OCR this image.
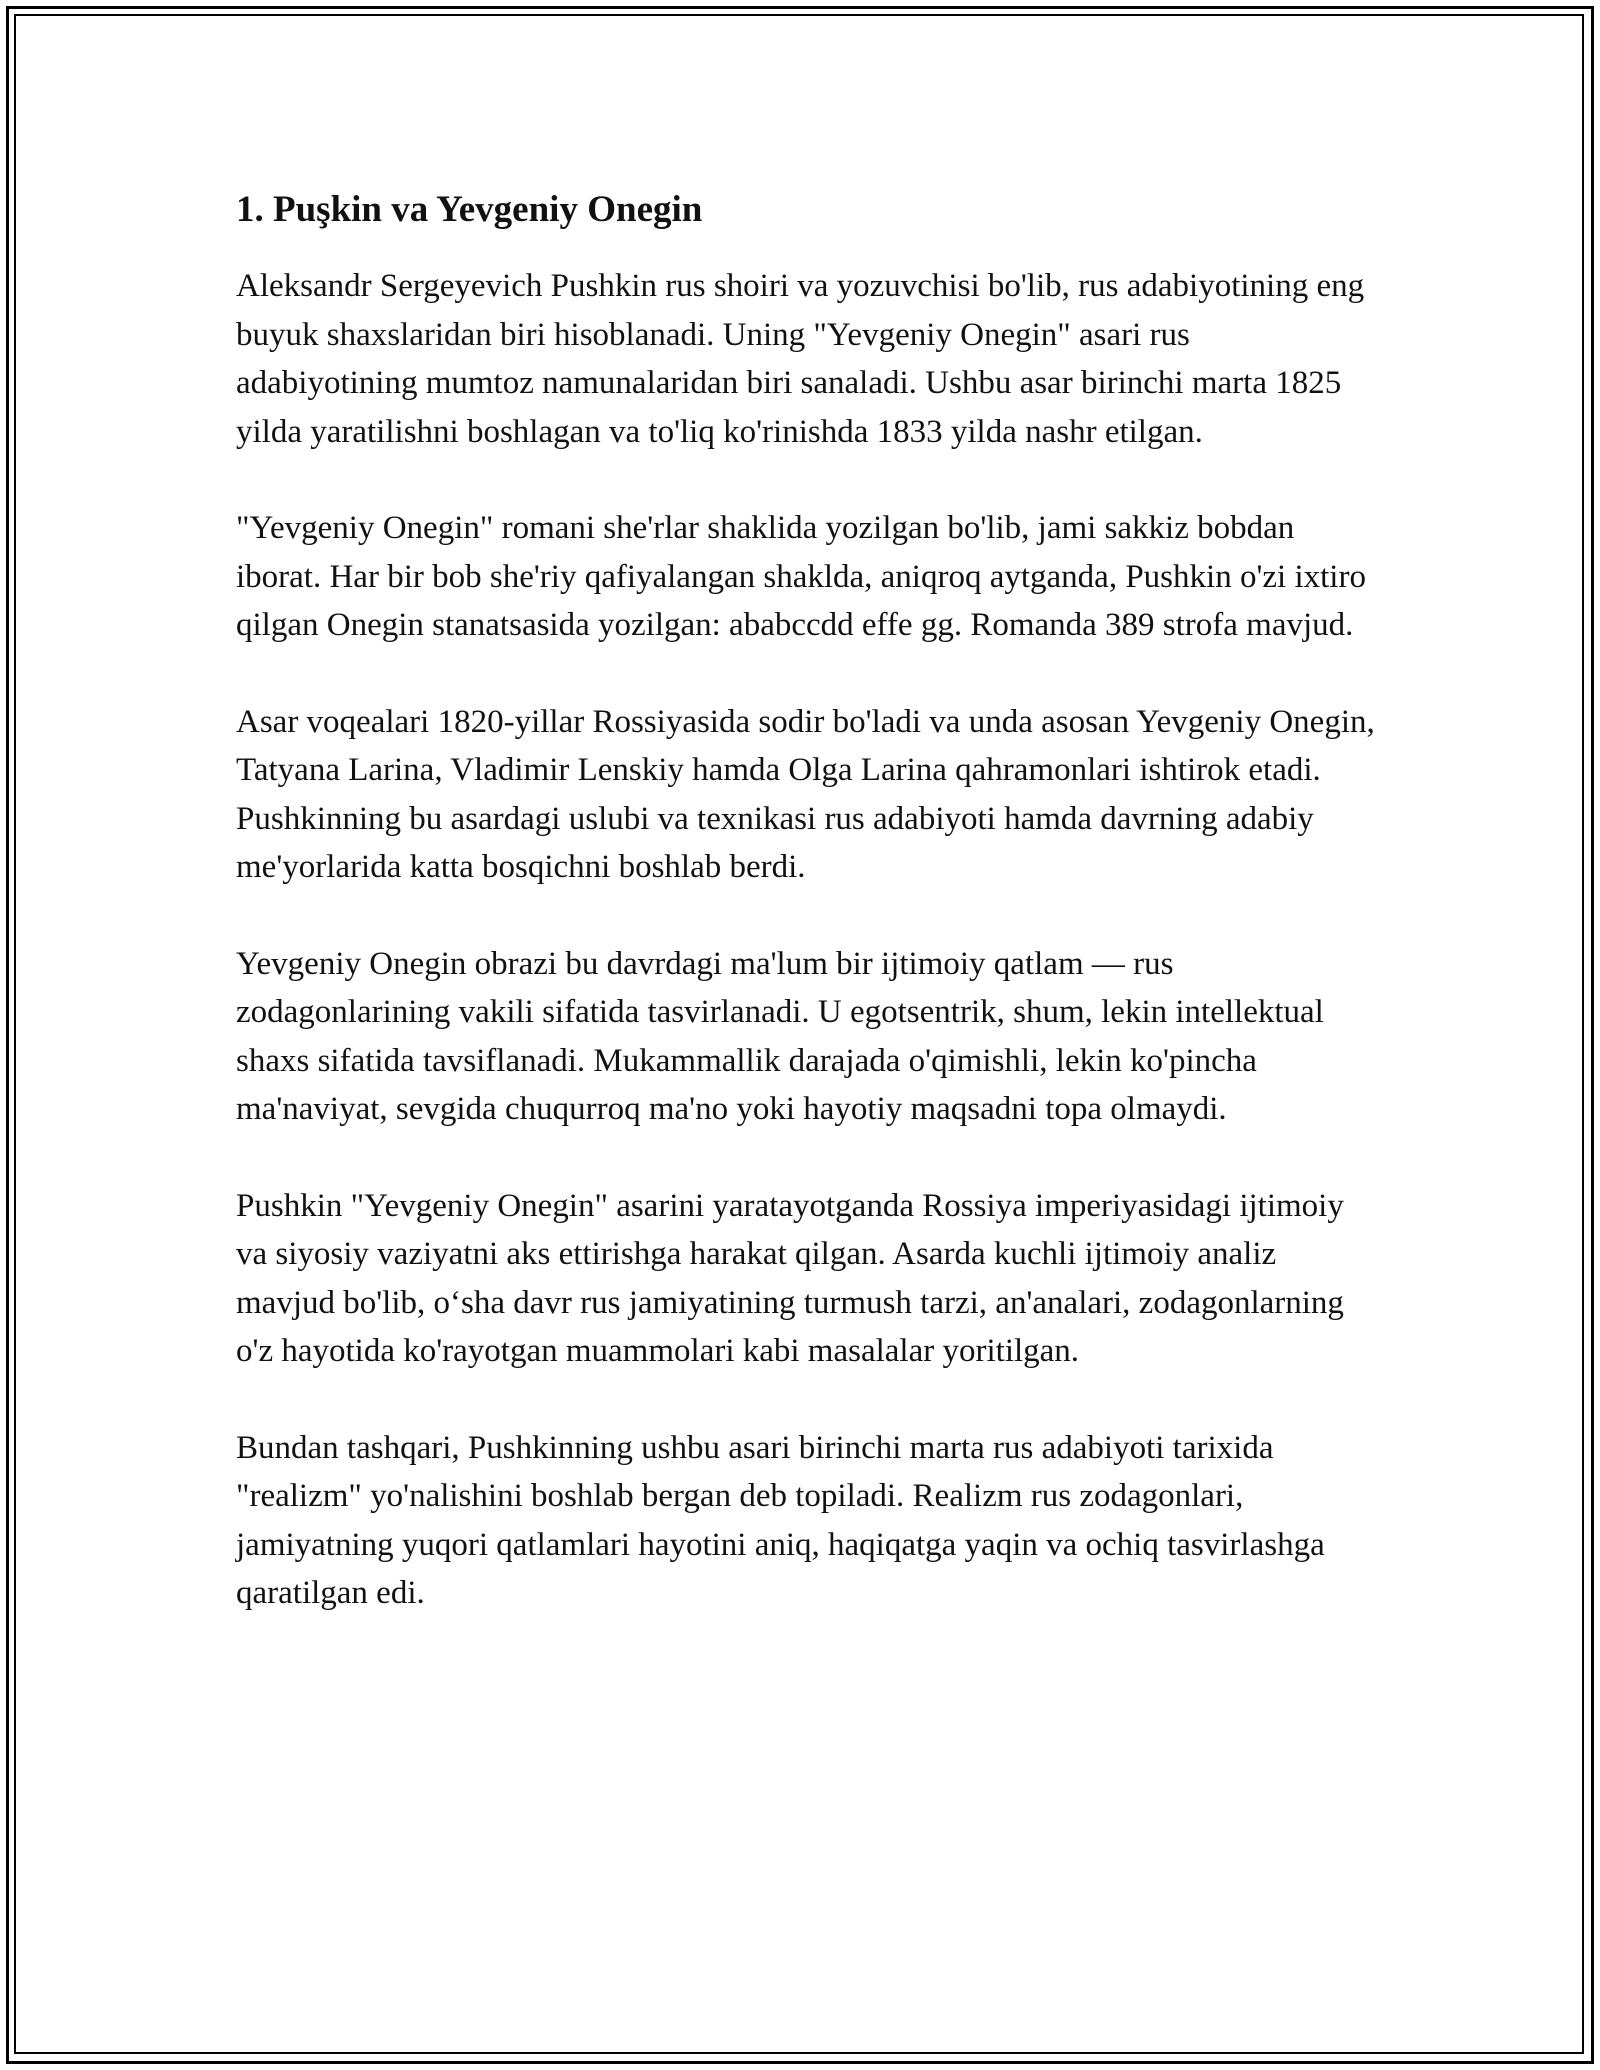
1. Puşkin va Yevgeniy Onegin

Aleksandr Sergeyevich Pushkin rus shoiri va yozuvchisi bo'lib, rus adabiyotining eng buyuk shaxslaridan biri hisoblanadi. Uning "Yevgeniy Onegin" asari rus adabiyotining mumtoz namunalaridan biri sanaladi. Ushbu asar birinchi marta 1825 yilda yaratilishni boshlagan va to'liq ko'rinishda 1833 yilda nashr etilgan.

"Yevgeniy Onegin" romani she'rlar shaklida yozilgan bo'lib, jami sakkiz bobdan iborat. Har bir bob she'riy qafiyalangan shaklda, aniqroq aytganda, Pushkin o'zi ixtiro qilgan Onegin stanatsasida yozilgan: ababccdd effe gg. Romanda 389 strofa mavjud.

Asar voqealari 1820-yillar Rossiyasida sodir bo'ladi va unda asosan Yevgeniy Onegin, Tatyana Larina, Vladimir Lenskiy hamda Olga Larina qahramonlari ishtirok etadi. Pushkinning bu asardagi uslubi va texnikasi rus adabiyoti hamda davrning adabiy me'yorlarida katta bosqichni boshlab berdi.

Yevgeniy Onegin obrazi bu davrdagi ma'lum bir ijtimoiy qatlam — rus zodagonlarining vakili sifatida tasvirlanadi. U egotsentrik, shum, lekin intellektual shaxs sifatida tavsiflanadi. Mukammallik darajada o'qimishli, lekin ko'pincha ma'naviyat, sevgida chuqurroq ma'no yoki hayotiy maqsadni topa olmaydi.

Pushkin "Yevgeniy Onegin" asarini yaratayotganda Rossiya imperiyasidagi ijtimoiy va siyosiy vaziyatni aks ettirishga harakat qilgan. Asarda kuchli ijtimoiy analiz mavjud bo'lib, o‘sha davr rus jamiyatining turmush tarzi, an'analari, zodagonlarning o'z hayotida ko'rayotgan muammolari kabi masalalar yoritilgan.

Bundan tashqari, Pushkinning ushbu asari birinchi marta rus adabiyoti tarixida "realizm" yo'nalishini boshlab bergan deb topiladi. Realizm rus zodagonlari, jamiyatning yuqori qatlamlari hayotini aniq, haqiqatga yaqin va ochiq tasvirlashga qaratilgan edi.
